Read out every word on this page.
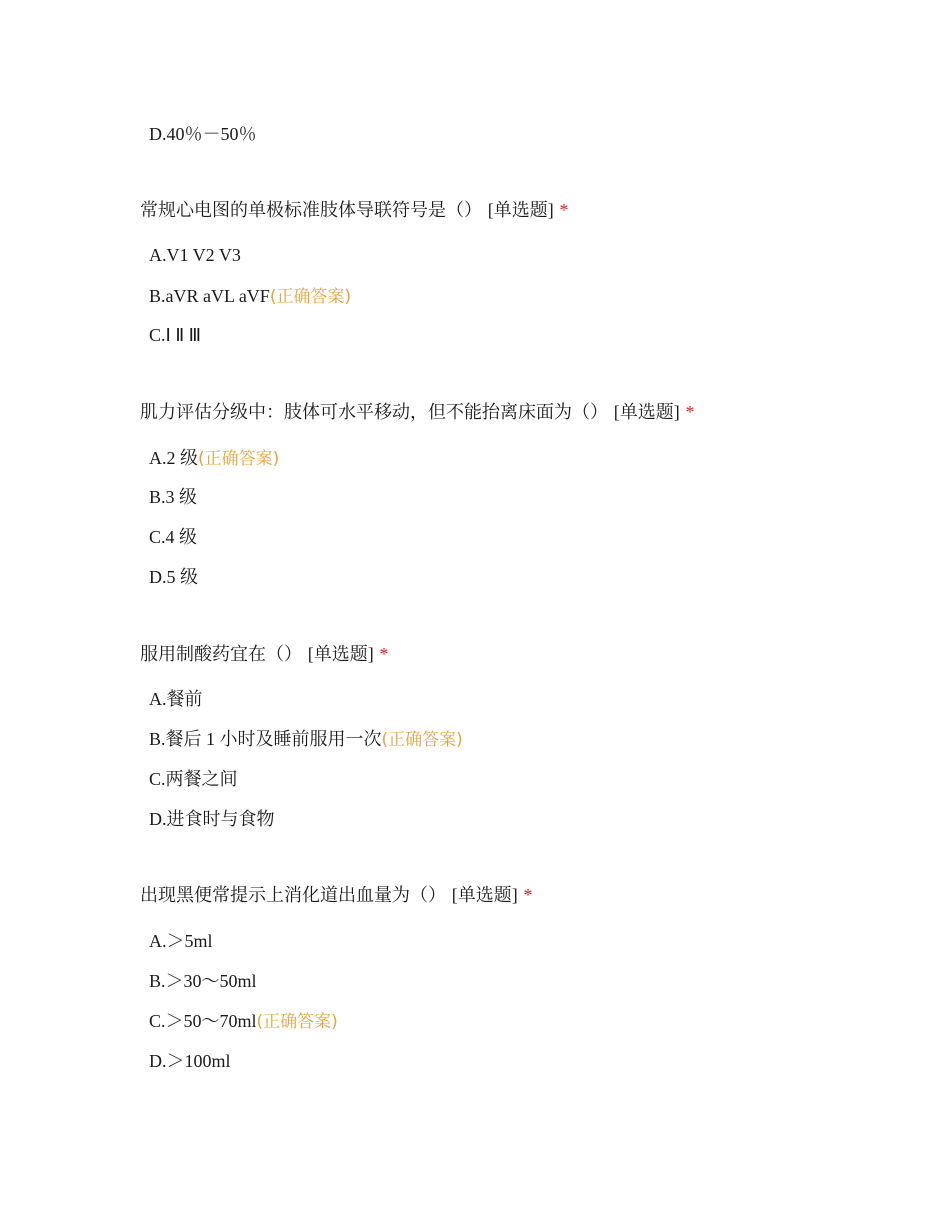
D.40％－50％
常规心电图的单极标准肢体导联符号是（） [单选题] *
A.V1 V2 V3
B.aVR aVL aVF(正确答案)
C.Ⅰ Ⅱ Ⅲ
肌力评估分级中：肢体可水平移动，但不能抬离床面为（） [单选题] *
A.2 级(正确答案)
B.3 级
C.4 级
D.5 级
服用制酸药宜在（） [单选题] *
A.餐前
B.餐后 1 小时及睡前服用一次(正确答案)
C.两餐之间
D.进食时与食物
出现黑便常提示上消化道出血量为（） [单选题] *
A.＞5ml
B.＞30～50ml
C.＞50～70ml(正确答案)
D.＞100ml
